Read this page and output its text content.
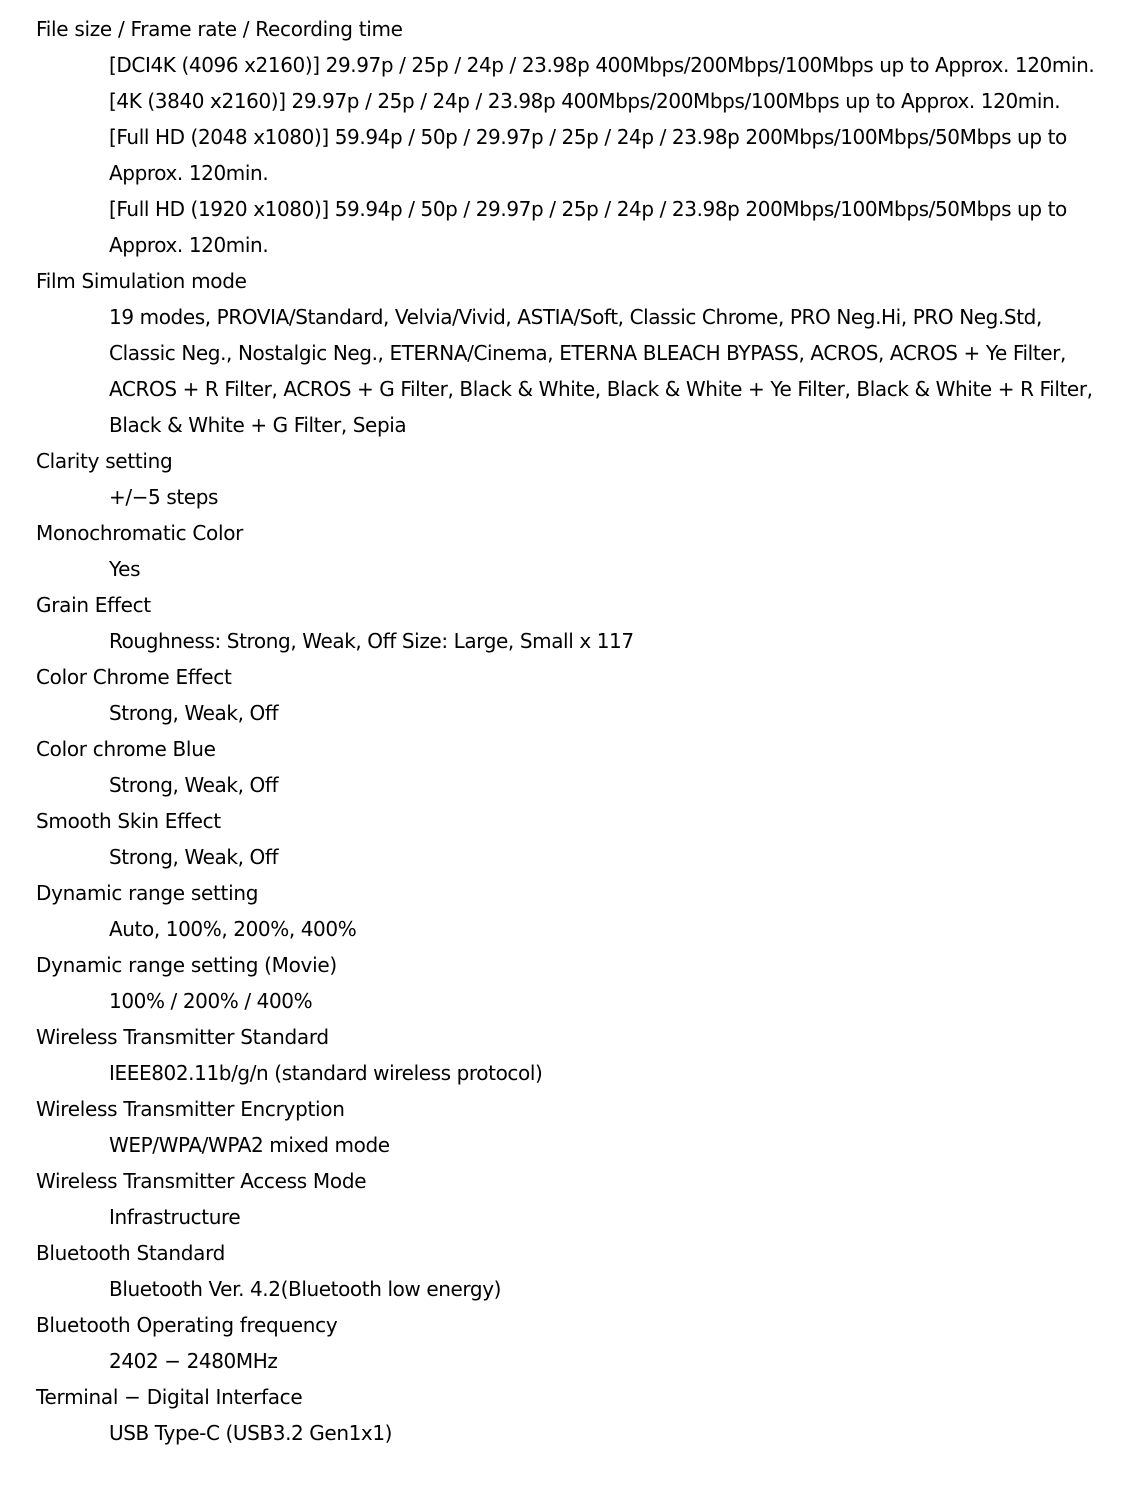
File size / Frame rate / Recording time
[DCI4K (4096 x2160)] 29.97p / 25p / 24p / 23.98p 400Mbps/200Mbps/100Mbps up to Approx. 120min.
[4K (3840 x2160)] 29.97p / 25p / 24p / 23.98p 400Mbps/200Mbps/100Mbps up to Approx. 120min.
[Full HD (2048 x1080)] 59.94p / 50p / 29.97p / 25p / 24p / 23.98p 200Mbps/100Mbps/50Mbps up to Approx. 120min.
[Full HD (1920 x1080)] 59.94p / 50p / 29.97p / 25p / 24p / 23.98p 200Mbps/100Mbps/50Mbps up to Approx. 120min.
Film Simulation mode
19 modes, PROVIA/Standard, Velvia/Vivid, ASTIA/Soft, Classic Chrome, PRO Neg.Hi, PRO Neg.Std, Classic Neg., Nostalgic Neg., ETERNA/Cinema, ETERNA BLEACH BYPASS, ACROS, ACROS + Ye Filter, ACROS + R Filter, ACROS + G Filter, Black & White, Black & White + Ye Filter, Black & White + R Filter, Black & White + G Filter, Sepia
Clarity setting
+/−5 steps
Monochromatic Color
Yes
Grain Effect
Roughness: Strong, Weak, Off Size: Large, Small x 117
Color Chrome Effect
Strong, Weak, Off
Color chrome Blue
Strong, Weak, Off
Smooth Skin Effect
Strong, Weak, Off
Dynamic range setting
Auto, 100%, 200%, 400%
Dynamic range setting (Movie)
100% / 200% / 400%
Wireless Transmitter Standard
IEEE802.11b/g/n (standard wireless protocol)
Wireless Transmitter Encryption
WEP/WPA/WPA2 mixed mode
Wireless Transmitter Access Mode
Infrastructure
Bluetooth Standard
Bluetooth Ver. 4.2(Bluetooth low energy)
Bluetooth Operating frequency
2402 − 2480MHz
Terminal − Digital Interface
USB Type-C (USB3.2 Gen1x1)
